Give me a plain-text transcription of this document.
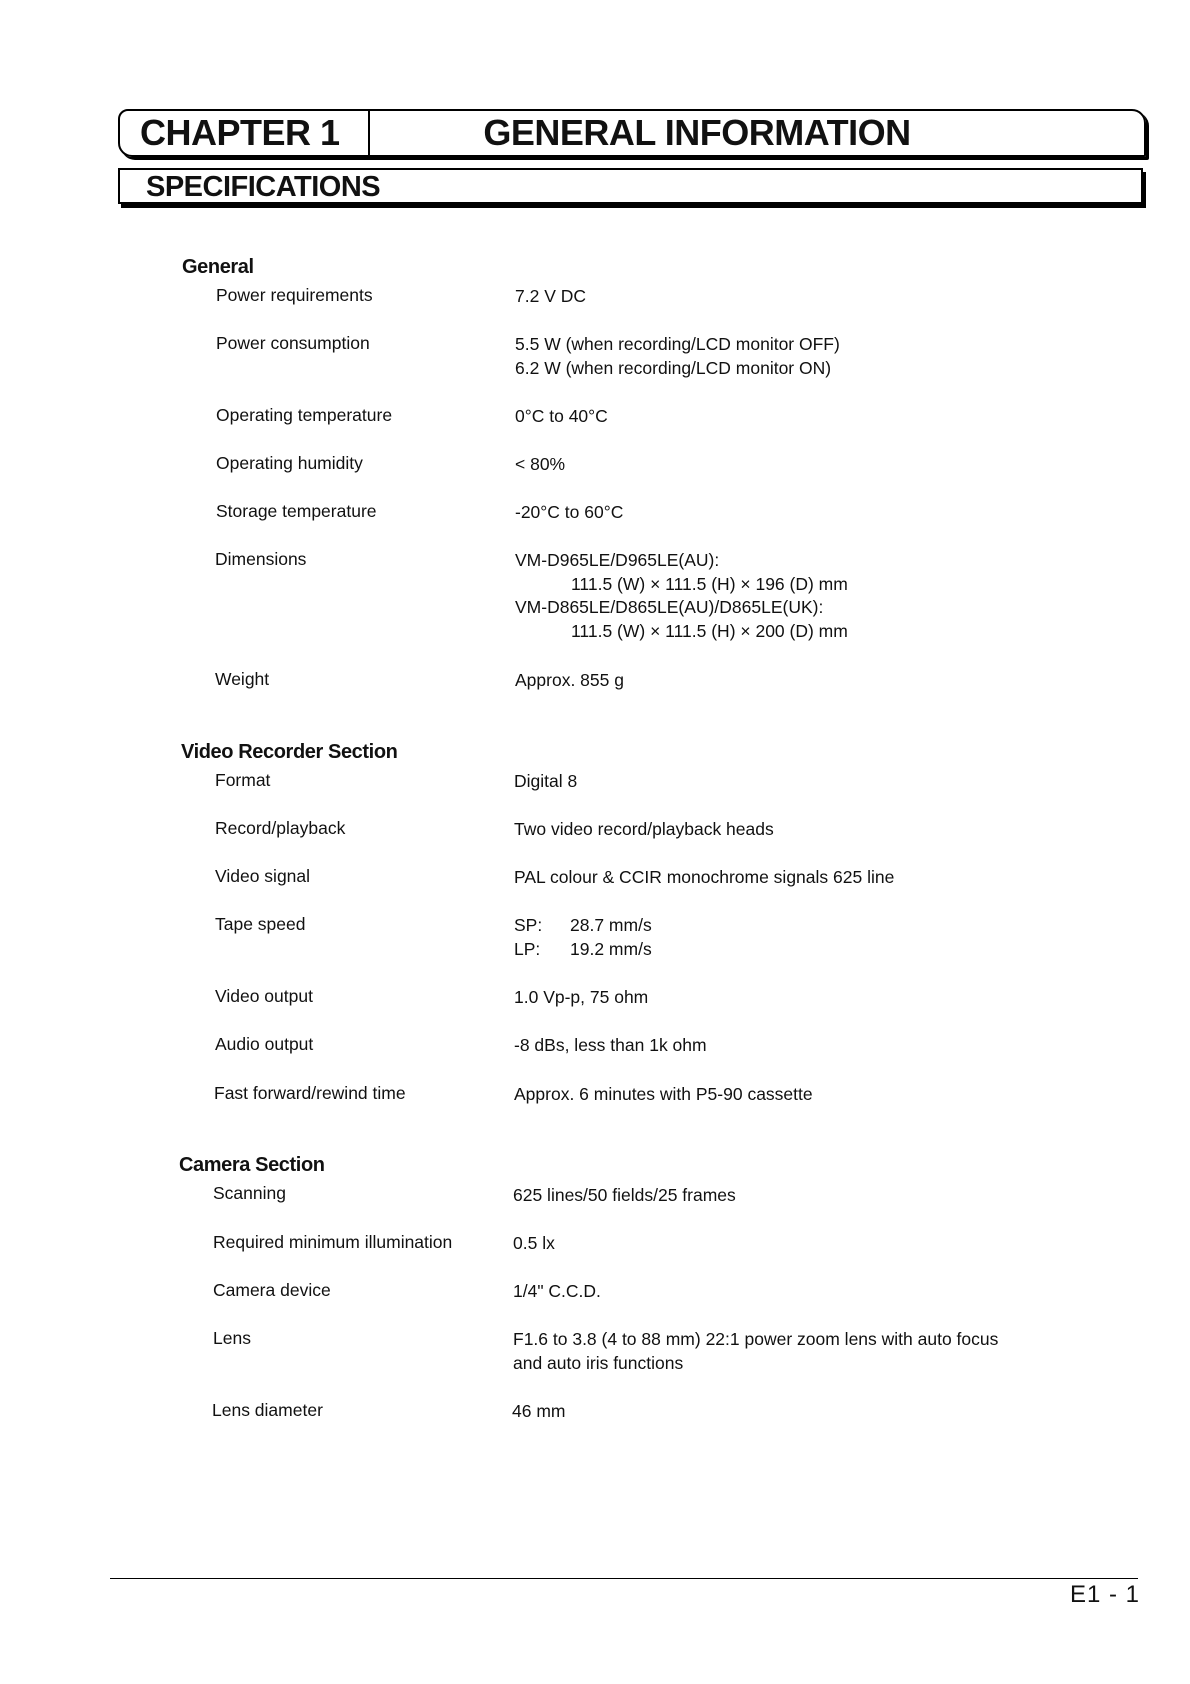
CHAPTER 1	GENERAL INFORMATION
SPECIFICATIONS
General
Power requirements	7.2 V DC
Power consumption	5.5 W (when recording/LCD monitor OFF)
6.2 W (when recording/LCD monitor ON)
Operating temperature	0°C to 40°C
Operating humidity	< 80%
Storage temperature	-20°C to 60°C
Dimensions	VM-D965LE/D965LE(AU):
111.5 (W) × 111.5 (H) × 196 (D) mm
VM-D865LE/D865LE(AU)/D865LE(UK):
111.5 (W) × 111.5 (H) × 200 (D) mm
Weight	Approx. 855 g
Video Recorder Section
Format	Digital 8
Record/playback	Two video record/playback heads
Video signal	PAL colour & CCIR monochrome signals 625 line
Tape speed	SP: 28.7 mm/s
LP: 19.2 mm/s
Video output	1.0 Vp-p, 75 ohm
Audio output	-8 dBs, less than 1k ohm
Fast forward/rewind time	Approx. 6 minutes with P5-90 cassette
Camera Section
Scanning	625 lines/50 fields/25 frames
Required minimum illumination	0.5 lx
Camera device	1/4" C.C.D.
Lens	F1.6 to 3.8 (4 to 88 mm) 22:1 power zoom lens with auto focus
and auto iris functions
Lens diameter	46 mm
E1 - 1
